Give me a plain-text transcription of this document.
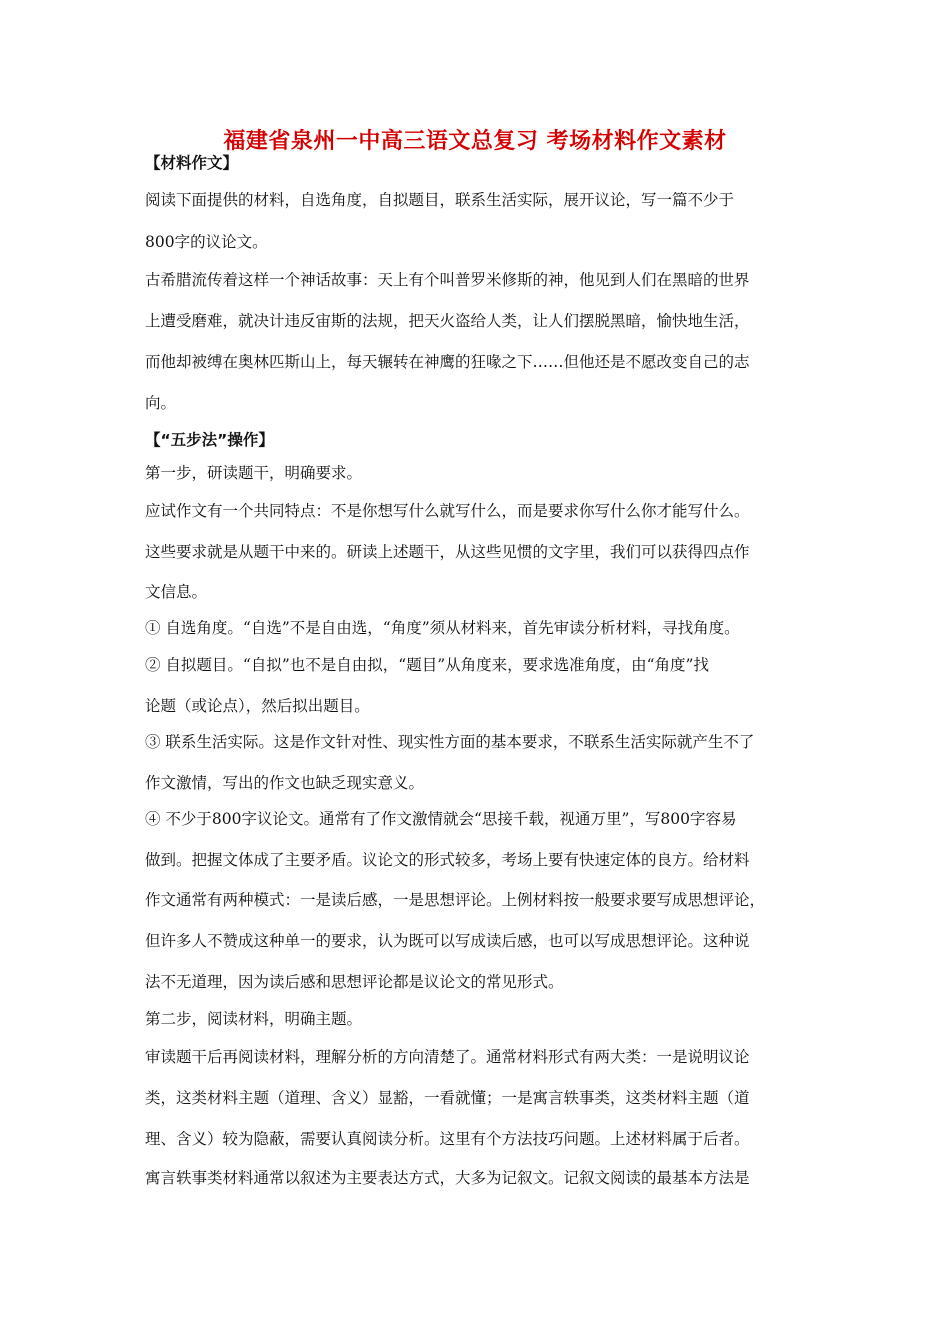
福建省泉州一中高三语文总复习 考场材料作文素材
【材料作文】
阅读下面提供的材料，自选角度，自拟题目，联系生活实际，展开议论，写一篇不少于
800字的议论文。
古希腊流传着这样一个神话故事：天上有个叫普罗米修斯的神，他见到人们在黑暗的世界
上遭受磨难，就决计违反宙斯的法规，把天火盗给人类，让人们摆脱黑暗，愉快地生活，
而他却被缚在奥林匹斯山上，每天辗转在神鹰的狂喙之下……但他还是不愿改变自己的志
向。
【“五步法”操作】
第一步，研读题干，明确要求。
应试作文有一个共同特点：不是你想写什么就写什么，而是要求你写什么你才能写什么。
这些要求就是从题干中来的。研读上述题干，从这些见惯的文字里，我们可以获得四点作
文信息。
① 自选角度。“自选”不是自由选，“角度”须从材料来，首先审读分析材料，寻找角度。
② 自拟题目。“自拟”也不是自由拟，“题目”从角度来，要求选准角度，由“角度”找
论题（或论点），然后拟出题目。
③ 联系生活实际。这是作文针对性、现实性方面的基本要求，不联系生活实际就产生不了
作文激情，写出的作文也缺乏现实意义。
④ 不少于800字议论文。通常有了作文激情就会“思接千载，视通万里”，写800字容易
做到。把握文体成了主要矛盾。议论文的形式较多，考场上要有快速定体的良方。给材料
作文通常有两种模式：一是读后感，一是思想评论。上例材料按一般要求要写成思想评论，
但许多人不赞成这种单一的要求，认为既可以写成读后感，也可以写成思想评论。这种说
法不无道理，因为读后感和思想评论都是议论文的常见形式。
第二步，阅读材料，明确主题。
审读题干后再阅读材料，理解分析的方向清楚了。通常材料形式有两大类：一是说明议论
类，这类材料主题（道理、含义）显豁，一看就懂；一是寓言轶事类，这类材料主题（道
理、含义）较为隐蔽，需要认真阅读分析。这里有个方法技巧问题。上述材料属于后者。
寓言轶事类材料通常以叙述为主要表达方式，大多为记叙文。记叙文阅读的最基本方法是
